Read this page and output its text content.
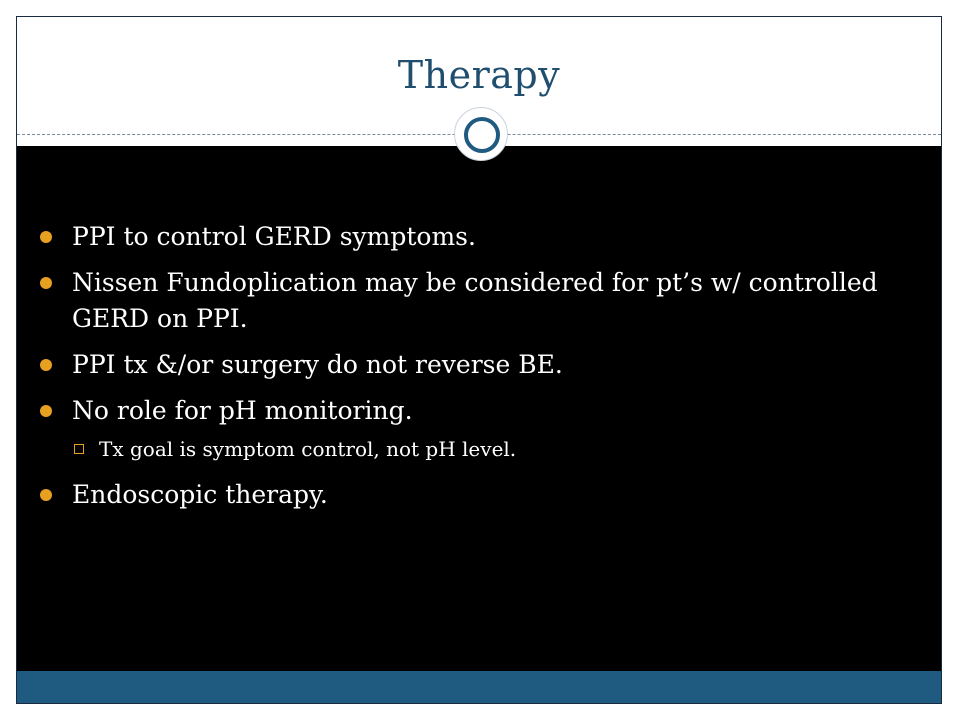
Therapy
PPI to control GERD symptoms.
Nissen Fundoplication may be considered for pt’s w/ controlled GERD on PPI.
PPI tx &/or surgery do not reverse BE.
No role for pH monitoring.
Tx goal is symptom control, not pH level.
Endoscopic therapy.
